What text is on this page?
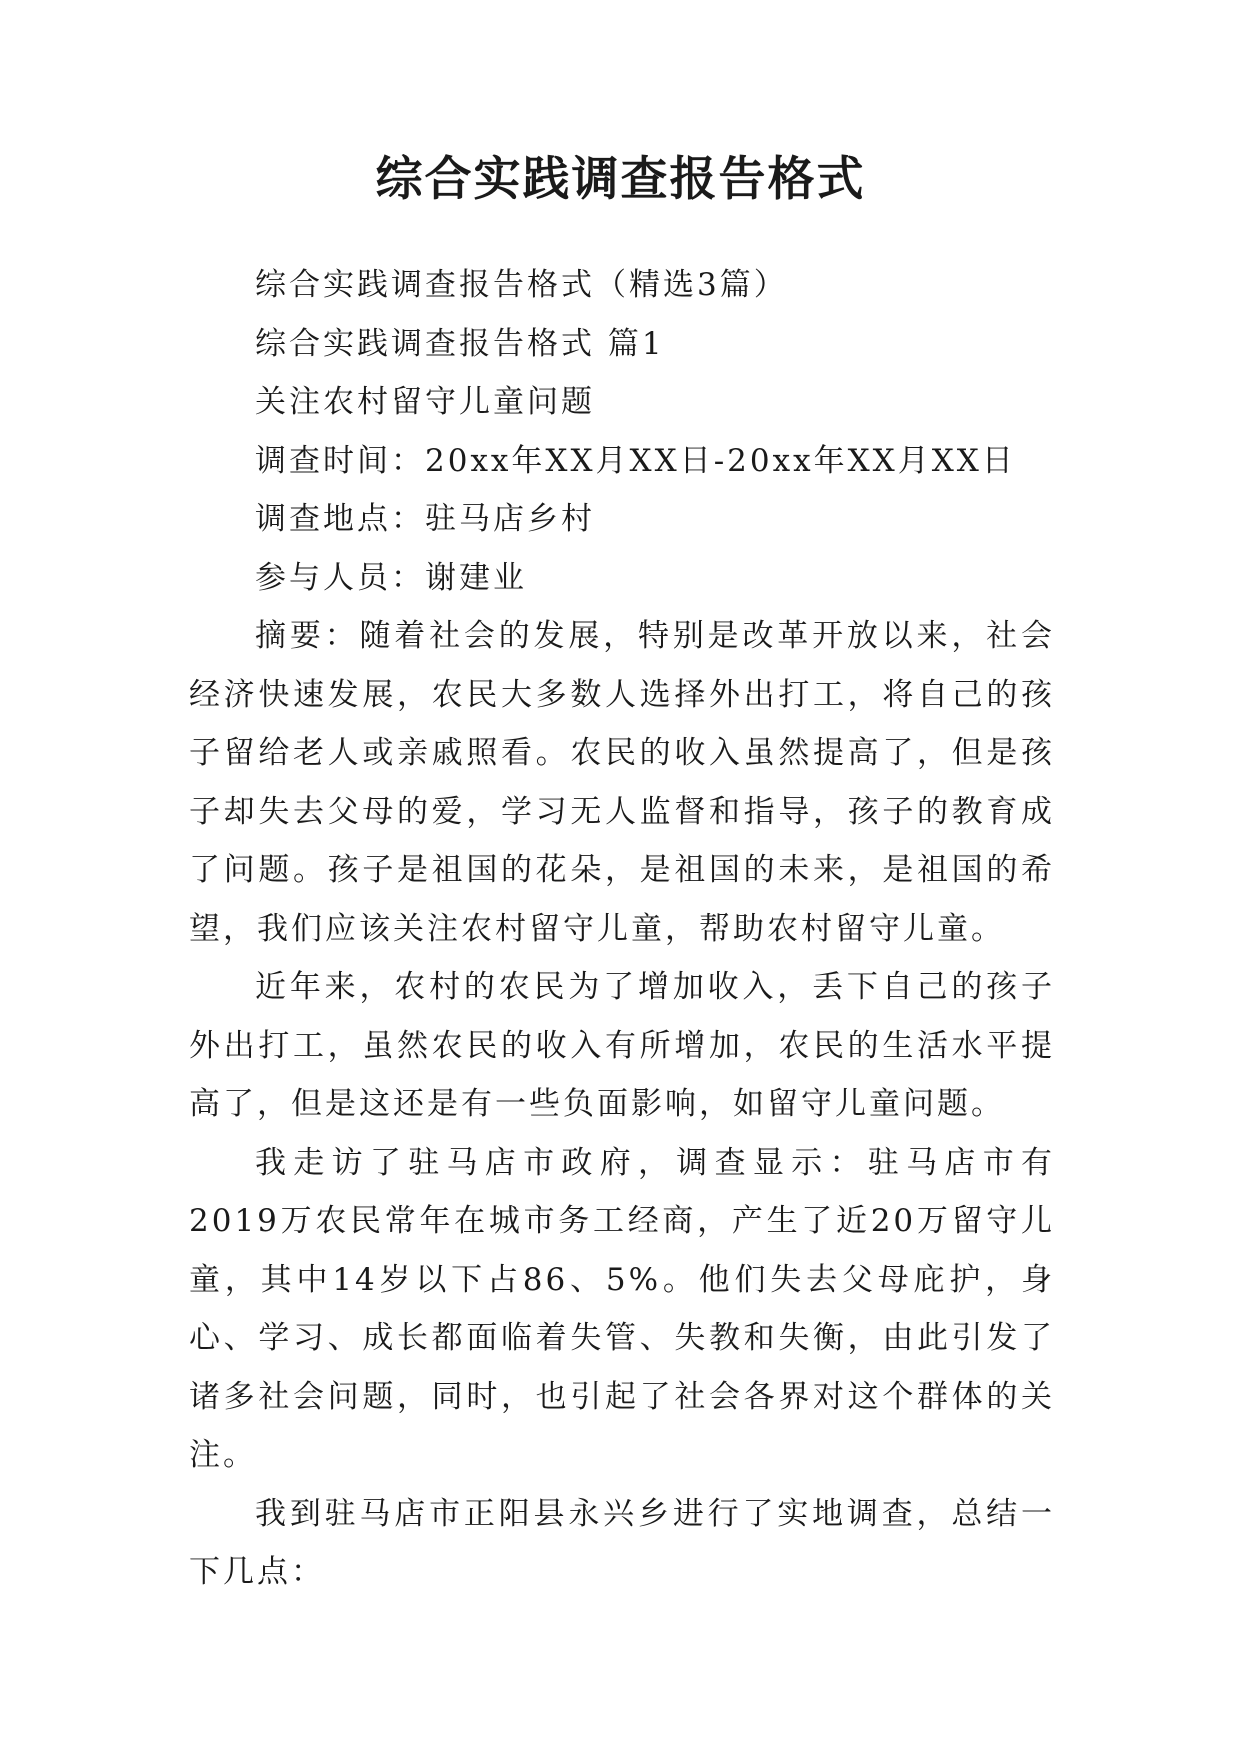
综合实践调查报告格式

综合实践调查报告格式（精选3篇）

综合实践调查报告格式 篇1

关注农村留守儿童问题

调查时间：20xx年XX月XX日-20xx年XX月XX日

调查地点：驻马店乡村

参与人员：谢建业

摘要：随着社会的发展，特别是改革开放以来，社会经济快速发展，农民大多数人选择外出打工，将自己的孩子留给老人或亲戚照看。农民的收入虽然提高了，但是孩子却失去父母的爱，学习无人监督和指导，孩子的教育成了问题。孩子是祖国的花朵，是祖国的未来，是祖国的希望，我们应该关注农村留守儿童，帮助农村留守儿童。

近年来，农村的农民为了增加收入，丢下自己的孩子外出打工，虽然农民的收入有所增加，农民的生活水平提高了，但是这还是有一些负面影响，如留守儿童问题。

我走访了驻马店市政府，调查显示：驻马店市有2019万农民常年在城市务工经商，产生了近20万留守儿童，其中14岁以下占86、5%。他们失去父母庇护，身心、学习、成长都面临着失管、失教和失衡，由此引发了诸多社会问题，同时，也引起了社会各界对这个群体的关注。

我到驻马店市正阳县永兴乡进行了实地调查，总结一下几点：
